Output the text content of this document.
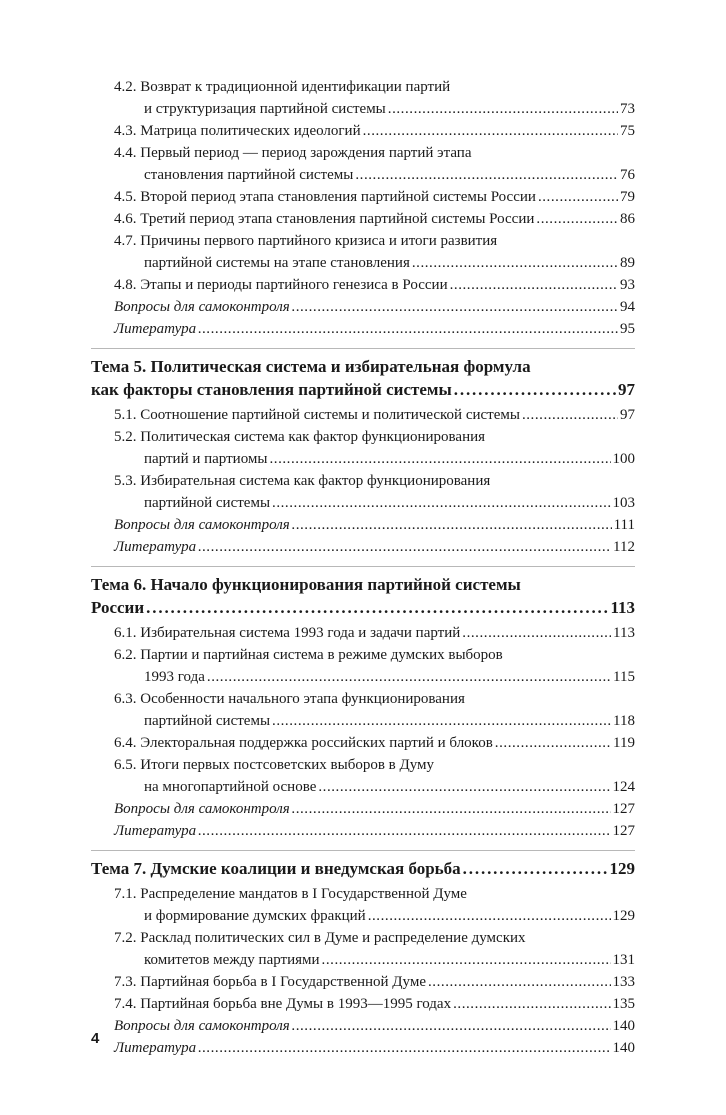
4.2. Возврат к традиционной идентификации партий
и структуризация партийной системы . . .	73
4.3. Матрица политических идеологий . . .	75
4.4. Первый период — период зарождения партий этапа
становления партийной системы . . .	76
4.5. Второй период этапа становления партийной системы России . . .	79
4.6. Третий период этапа становления партийной системы России . . .	86
4.7. Причины первого партийного кризиса и итоги развития
партийной системы на этапе становления . . .	89
4.8. Этапы и периоды партийного генезиса в России . . .	93
Вопросы для самоконтроля . . .	94
Литература . . .	95
Тема 5. Политическая система и избирательная формула
как факторы становления партийной системы . . .	97
5.1. Соотношение партийной системы и политической системы . . .	97
5.2. Политическая система как фактор функционирования
партий и партиомы . . .	100
5.3. Избирательная система как фактор функционирования
партийной системы . . .	103
Вопросы для самоконтроля . . .	111
Литература . . .	112
Тема 6. Начало функционирования партийной системы
России . . .	113
6.1. Избирательная система 1993 года и задачи партий . . .	113
6.2. Партии и партийная система в режиме думских выборов
1993 года . . .	115
6.3. Особенности начального этапа функционирования
партийной системы . . .	118
6.4. Электоральная поддержка российских партий и блоков . . .	119
6.5. Итоги первых постсоветских выборов в Думу
на многопартийной основе . . .	124
Вопросы для самоконтроля . . .	127
Литература . . .	127
Тема 7. Думские коалиции и внедумская борьба . . .	129
7.1. Распределение мандатов в I Государственной Думе
и формирование думских фракций . . .	129
7.2. Расклад политических сил в Думе и распределение думских
комитетов между партиями . . .	131
7.3. Партийная борьба в I Государственной Думе . . .	133
7.4. Партийная борьба вне Думы в 1993—1995 годах . . .	135
Вопросы для самоконтроля . . .	140
Литература . . .	140
4
